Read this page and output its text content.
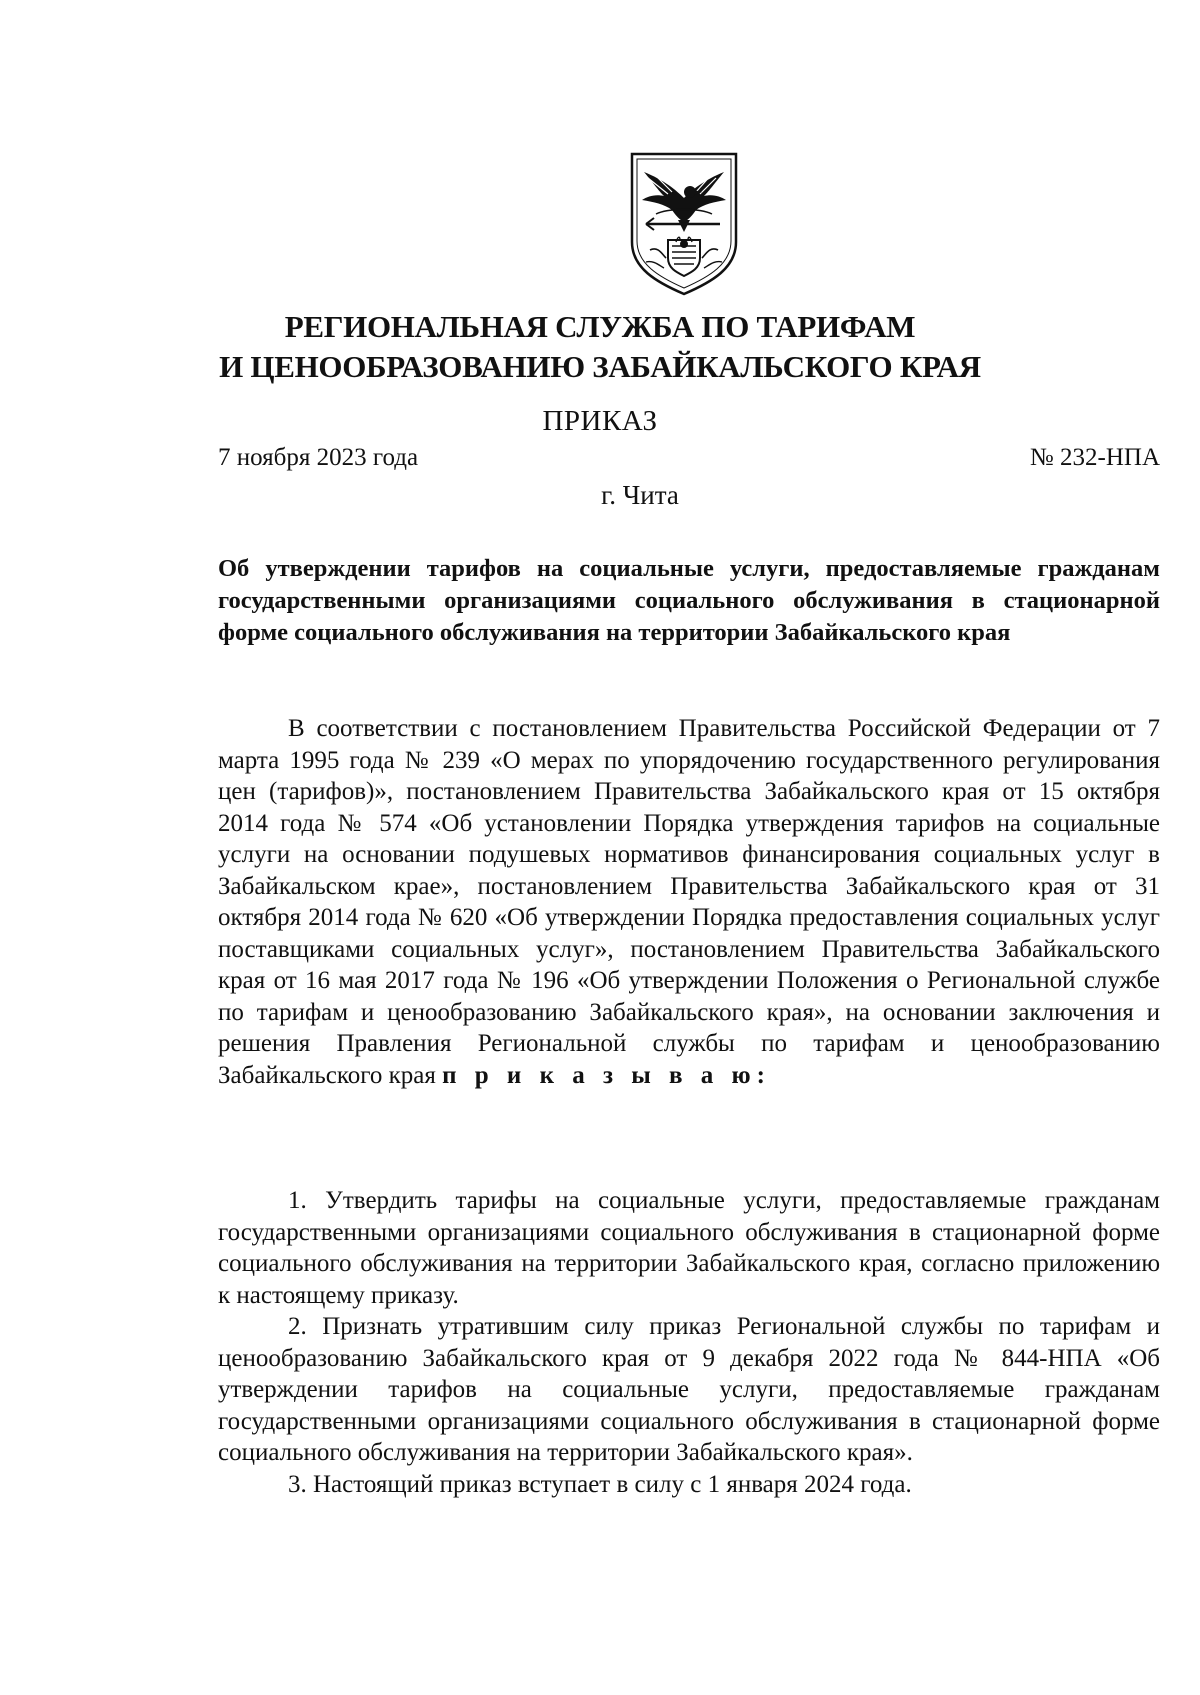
РЕГИОНАЛЬНАЯ СЛУЖБА ПО ТАРИФАМ
И ЦЕНООБРАЗОВАНИЮ ЗАБАЙКАЛЬСКОГО КРАЯ
ПРИКАЗ
7 ноября 2023 года	№ 232-НПА
г. Чита
Об утверждении тарифов на социальные услуги, предоставляемые гражданам государственными организациями социального обслуживания в стационарной форме социального обслуживания на территории Забайкальского края

В соответствии с постановлением Правительства Российской Федерации от 7 марта 1995 года № 239 «О мерах по упорядочению государственного регулирования цен (тарифов)», постановлением Правительства Забайкальского края от 15 октября 2014 года № 574 «Об установлении Порядка утверждения тарифов на социальные услуги на основании подушевых нормативов финансирования социальных услуг в Забайкальском крае», постановлением Правительства Забайкальского края от 31 октября 2014 года № 620 «Об утверждении Порядка предоставления социальных услуг поставщиками социальных услуг», постановлением Правительства Забайкальского края от 16 мая 2017 года № 196 «Об утверждении Положения о Региональной службе по тарифам и ценообразованию Забайкальского края», на основании заключения и решения Правления Региональной службы по тарифам и ценообразованию Забайкальского края п р и к а з ы в а ю:

1. Утвердить тарифы на социальные услуги, предоставляемые гражданам государственными организациями социального обслуживания в стационарной форме социального обслуживания на территории Забайкальского края, согласно приложению к настоящему приказу.

2. Признать утратившим силу приказ Региональной службы по тарифам и ценообразованию Забайкальского края от 9 декабря 2022 года № 844-НПА «Об утверждении тарифов на социальные услуги, предоставляемые гражданам государственными организациями социального обслуживания в стационарной форме социального обслуживания на территории Забайкальского края».

3. Настоящий приказ вступает в силу с 1 января 2024 года.
